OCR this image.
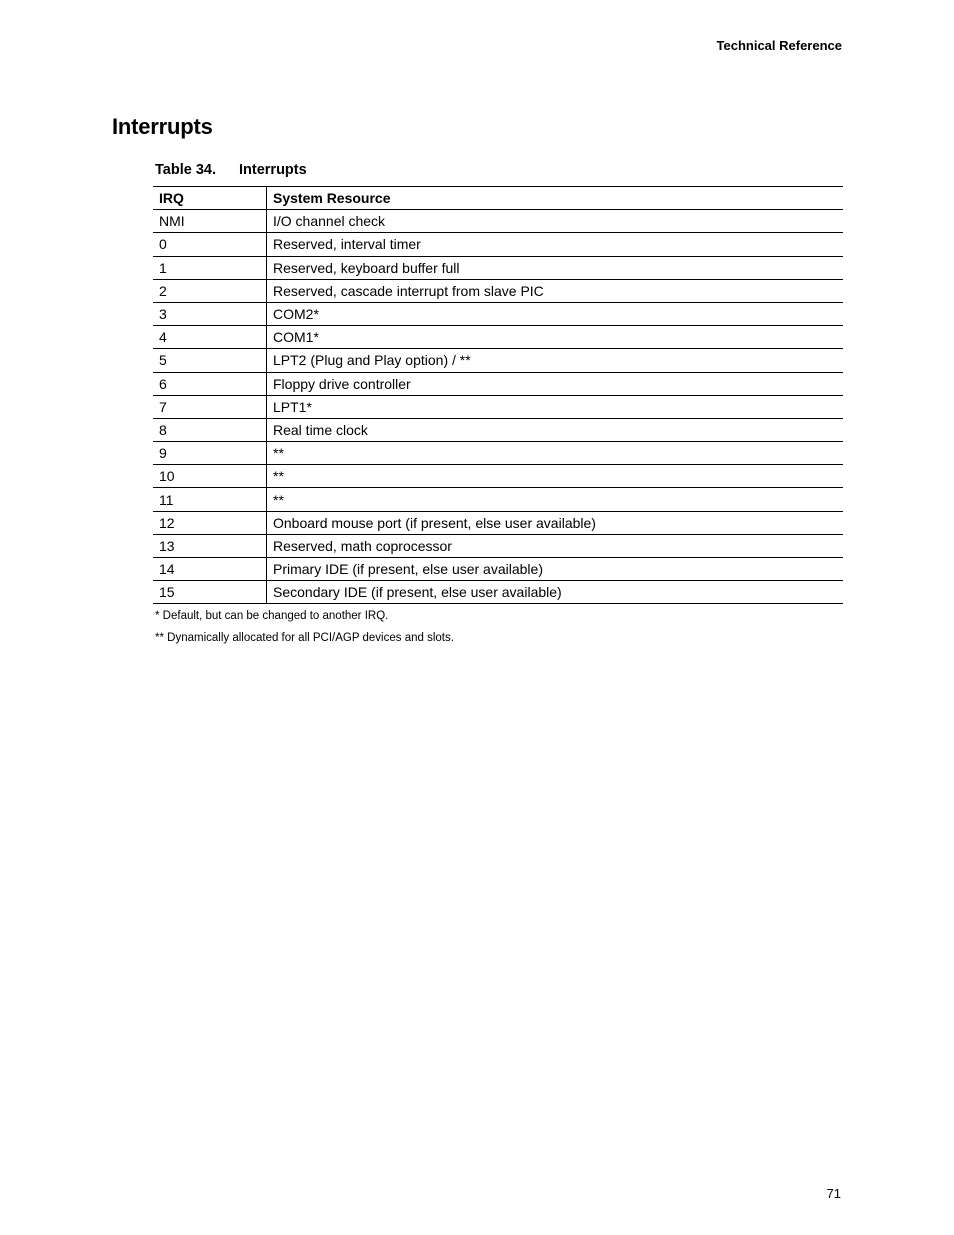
Technical Reference
Interrupts
Table 34. Interrupts
IRQ	System Resource
NMI	I/O channel check
0	Reserved, interval timer
1	Reserved, keyboard buffer full
2	Reserved, cascade interrupt from slave PIC
3	COM2*
4	COM1*
5	LPT2 (Plug and Play option) / **
6	Floppy drive controller
7	LPT1*
8	Real time clock
9	**
10	**
11	**
12	Onboard mouse port (if present, else user available)
13	Reserved, math coprocessor
14	Primary IDE (if present, else user available)
15	Secondary IDE (if present, else user available)
* Default, but can be changed to another IRQ.
** Dynamically allocated for all PCI/AGP devices and slots.
71
